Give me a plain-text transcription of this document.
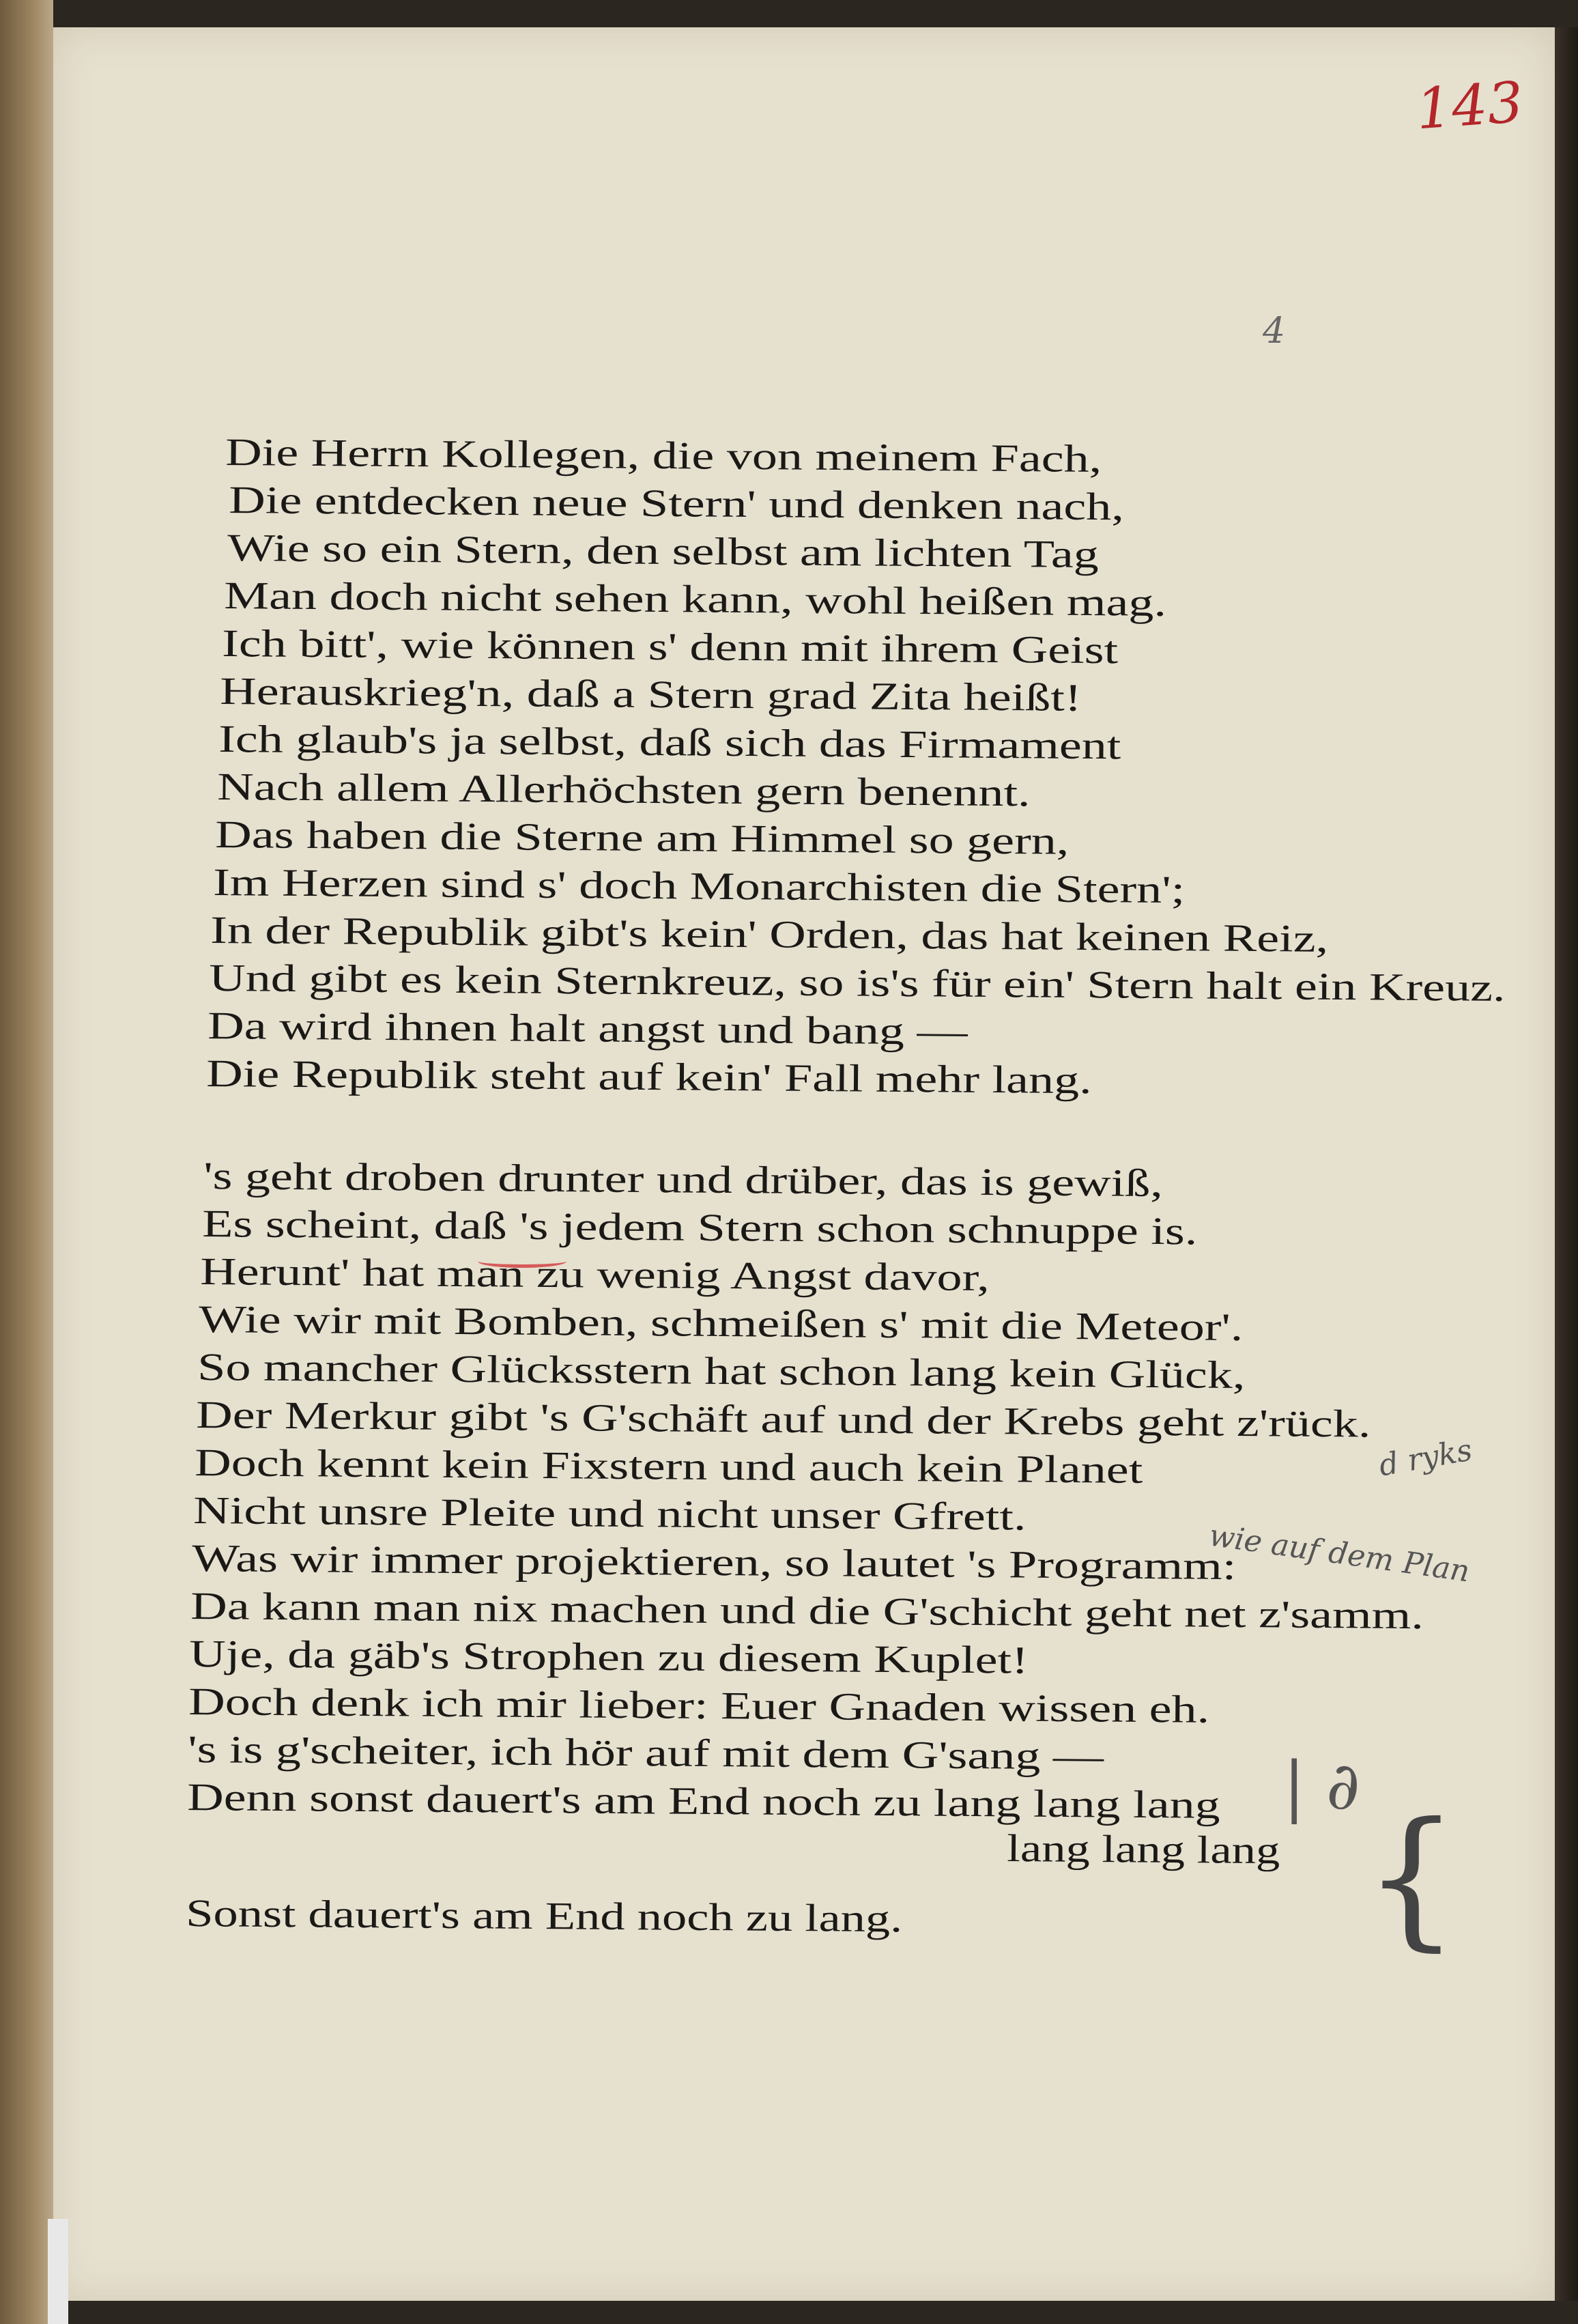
143
4
Die Herrn Kollegen, die von meinem Fach,
Die entdecken neue Stern' und denken nach,
Wie so ein Stern, den selbst am lichten Tag
Man doch nicht sehen kann, wohl heißen mag.
Ich bitt', wie können s' denn mit ihrem Geist
Herauskrieg'n, daß a Stern grad Zita heißt!
Ich glaub's ja selbst, daß sich das Firmament
Nach allem Allerhöchsten gern benennt.
Das haben die Sterne am Himmel so gern,
Im Herzen sind s' doch Monarchisten die Stern';
In der Republik gibt's kein' Orden, das hat keinen Reiz,
Und gibt es kein Sternkreuz, so is's für ein' Stern halt ein Kreuz.
Da wird ihnen halt angst und bang —
Die Republik steht auf kein' Fall mehr lang.
's geht droben drunter und drüber, das is gewiß,
Es scheint, daß 's jedem Stern schon schnuppe is.
Herunt' hat man zu wenig Angst davor,
Wie wir mit Bomben, schmeißen s' mit die Meteor'.
So mancher Glücksstern hat schon lang kein Glück,
Der Merkur gibt 's G'schäft auf und der Krebs geht z'rück.
Doch kennt kein Fixstern und auch kein Planet
Nicht unsre Pleite und nicht unser Gfrett.
Was wir immer projektieren, so lautet 's Programm:
Da kann man nix machen und die G'schicht geht net z'samm.
Uje, da gäb's Strophen zu diesem Kuplet!
Doch denk ich mir lieber: Euer Gnaden wissen eh.
's is g'scheiter, ich hör auf mit dem G'sang —
Denn sonst dauert's am End noch zu lang lang lang
lang lang lang
Sonst dauert's am End noch zu lang.
wie auf dem Plan
d ryks
| ∂
{
